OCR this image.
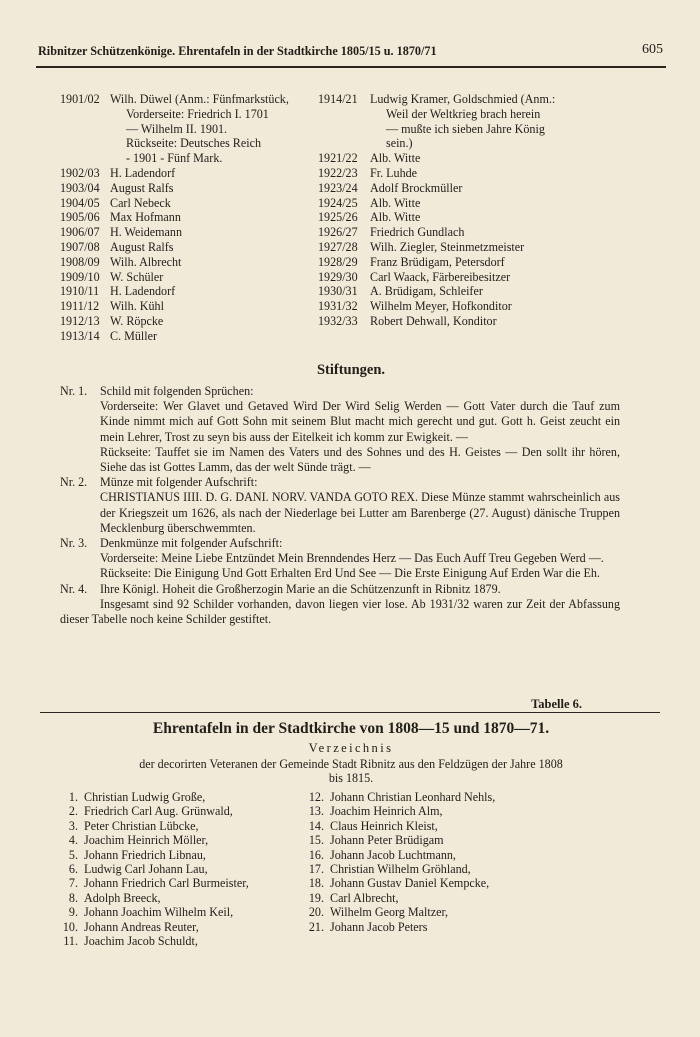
Ribnitzer Schützenkönige. Ehrentafeln in der Stadtkirche 1805/15 u. 1870/71	605
1901/02 Wilh. Düwel (Anm.: Fünfmarkstück,
Vorderseite: Friedrich I. 1701
— Wilhelm II. 1901.
Rückseite: Deutsches Reich
- 1901 - Fünf Mark.
1902/03 H. Ladendorf
1903/04 August Ralfs
1904/05 Carl Nebeck
1905/06 Max Hofmann
1906/07 H. Weidemann
1907/08 August Ralfs
1908/09 Wilh. Albrecht
1909/10 W. Schüler
1910/11 H. Ladendorf
1911/12 Wilh. Kühl
1912/13 W. Röpcke
1913/14 C. Müller
1914/21	Ludwig Kramer, Goldschmied (Anm.:
Weil der Weltkrieg brach herein
— mußte ich sieben Jahre König
sein.)
1921/22	Alb. Witte
1922/23	Fr. Luhde
1923/24	Adolf Brockmüller
1924/25	Alb. Witte
1925/26	Alb. Witte
1926/27	Friedrich Gundlach
1927/28	Wilh. Ziegler, Steinmetzmeister
1928/29	Franz Brüdigam, Petersdorf
1929/30	Carl Waack, Färbereibesitzer
1930/31	A. Brüdigam, Schleifer
1931/32	Wilhelm Meyer, Hofkonditor
1932/33	Robert Dehwall, Konditor
Stiftungen.
Nr. 1.	Schild mit folgenden Sprüchen:
Vorderseite: Wer Glavet und Getaved Wird Der Wird Selig Werden — Gott Vater durch die Tauf zum Kinde nimmt mich auf Gott Sohn mit seinem Blut macht mich gerecht und gut. Gott h. Geist zeucht ein mein Lehrer, Trost zu seyn bis auss der Eitelkeit ich komm zur Ewigkeit. —
Rückseite: Tauffet sie im Namen des Vaters und des Sohnes und des H. Geistes — Den sollt ihr hören, Siehe das ist Gottes Lamm, das der welt Sünde trägt. —
Nr. 2.	Münze mit folgender Aufschrift:
CHRISTIANUS IIII. D. G. DANI. NORV. VANDA GOTO REX. Diese Münze stammt wahrscheinlich aus der Kriegszeit um 1626, als nach der Niederlage bei Lutter am Barenberge (27. August) dänische Truppen Mecklenburg überschwemmten.
Nr. 3.	Denkmünze mit folgender Aufschrift:
Vorderseite: Meine Liebe Entzündet Mein Brenndendes Herz — Das Euch Auff Treu Gegeben Werd —.
Rückseite: Die Einigung Und Gott Erhalten Erd Und See — Die Erste Einigung Auf Erden War die Eh.
Nr. 4.	Ihre Königl. Hoheit die Großherzogin Marie an die Schützenzunft in Ribnitz 1879.
Insgesamt sind 92 Schilder vorhanden, davon liegen vier lose. Ab 1931/32 waren zur Zeit der Abfassung dieser Tabelle noch keine Schilder gestiftet.
Tabelle 6.
Ehrentafeln in der Stadtkirche von 1808—15 und 1870—71.
Verzeichnis
der decorirten Veteranen der Gemeinde Stadt Ribnitz aus den Feldzügen der Jahre 1808
bis 1815.
1. Christian Ludwig Große,
2. Friedrich Carl Aug. Grünwald,
3. Peter Christian Lübcke,
4. Joachim Heinrich Möller,
5. Johann Friedrich Libnau,
6. Ludwig Carl Johann Lau,
7. Johann Friedrich Carl Burmeister,
8. Adolph Breeck,
9. Johann Joachim Wilhelm Keil,
10. Johann Andreas Reuter,
11. Joachim Jacob Schuldt,
12. Johann Christian Leonhard Nehls,
13. Joachim Heinrich Alm,
14. Claus Heinrich Kleist,
15. Johann Peter Brüdigam
16. Johann Jacob Luchtmann,
17. Christian Wilhelm Gröhland,
18. Johann Gustav Daniel Kempcke,
19. Carl Albrecht,
20. Wilhelm Georg Maltzer,
21. Johann Jacob Peters
